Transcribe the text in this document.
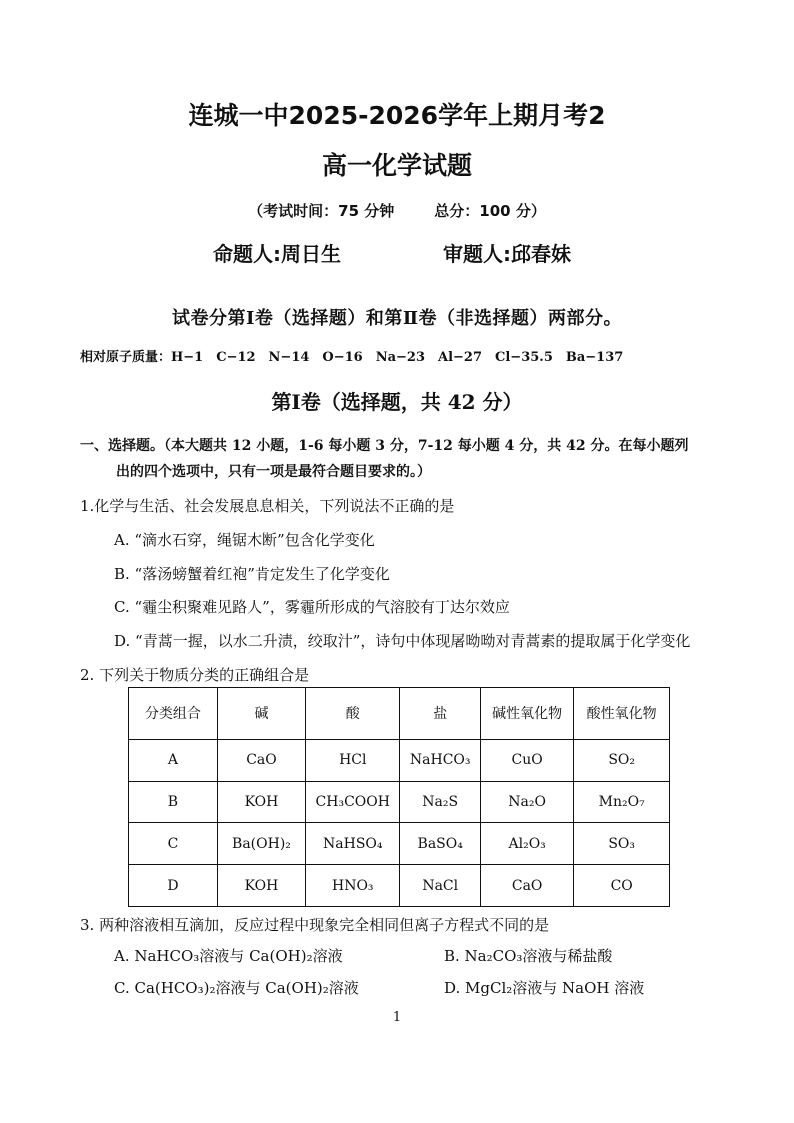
连城一中2025-2026学年上期月考2
高一化学试题
（考试时间：75 分钟	总分：100 分）
命题人:周日生	审题人:邱春妹
试卷分第Ⅰ卷（选择题）和第Ⅱ卷（非选择题）两部分。
相对原子质量：H−1　C−12　N−14　O−16　Na−23　Al−27　Cl−35.5　Ba−137
第Ⅰ卷（选择题，共 42 分）
一、选择题。（本大题共 12 小题，1-6 每小题 3 分，7-12 每小题 4 分，共 42 分。在每小题列
出的四个选项中，只有一项是最符合题目要求的。）
1.化学与生活、社会发展息息相关，下列说法不正确的是
A. “滴水石穿，绳锯木断”包含化学变化
B. “落汤螃蟹着红袍”肯定发生了化学变化
C. “霾尘积聚难见路人”，雾霾所形成的气溶胶有丁达尔效应
D. “青蒿一握，以水二升渍，绞取汁”，诗句中体现屠呦呦对青蒿素的提取属于化学变化
2. 下列关于物质分类的正确组合是
分类组合	碱	酸	盐	碱性氧化物	酸性氧化物
A	CaO	HCl	NaHCO₃	CuO	SO₂
B	KOH	CH₃COOH	Na₂S	Na₂O	Mn₂O₇
C	Ba(OH)₂	NaHSO₄	BaSO₄	Al₂O₃	SO₃
D	KOH	HNO₃	NaCl	CaO	CO
3. 两种溶液相互滴加，反应过程中现象完全相同但离子方程式不同的是
A. NaHCO₃溶液与 Ca(OH)₂溶液	B. Na₂CO₃溶液与稀盐酸
C. Ca(HCO₃)₂溶液与 Ca(OH)₂溶液	D. MgCl₂溶液与 NaOH 溶液
1
